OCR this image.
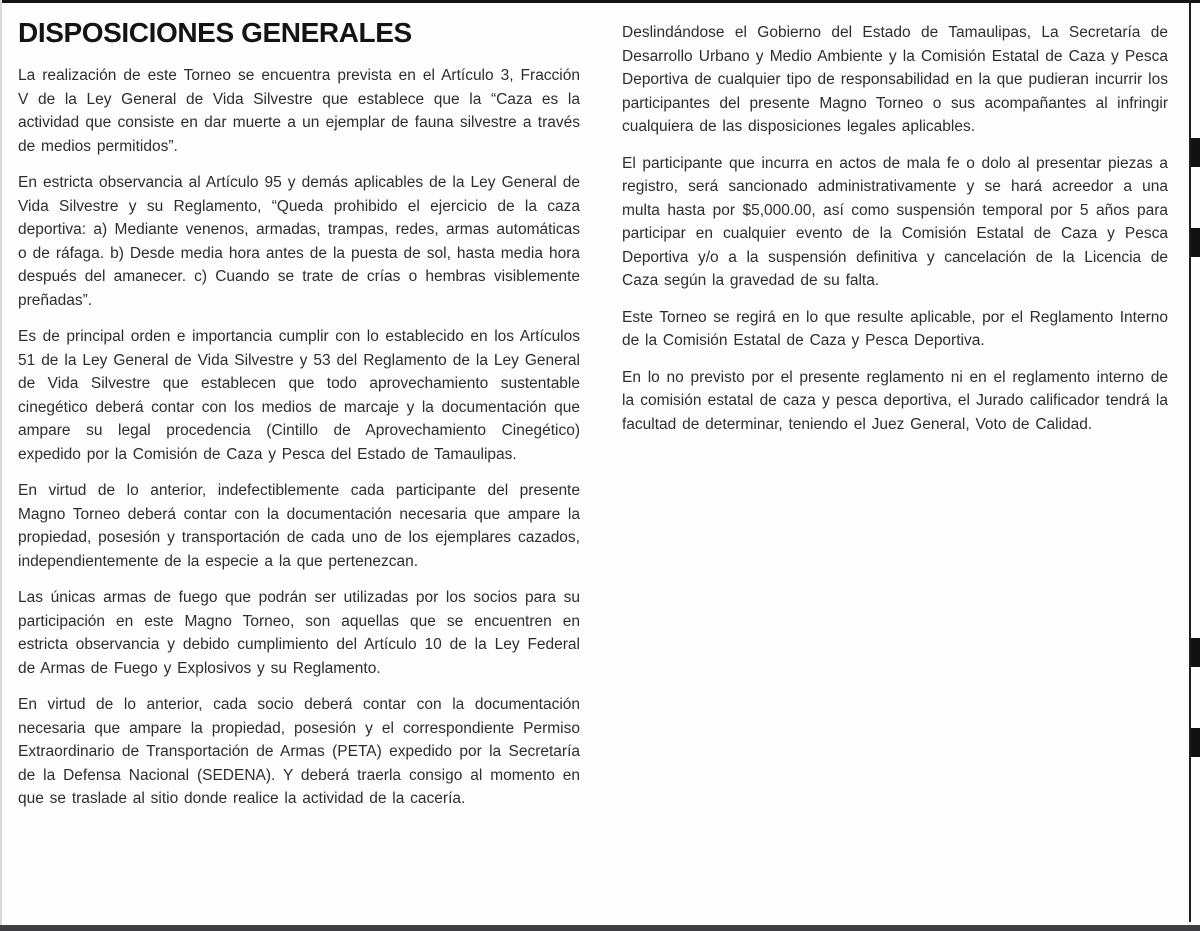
DISPOSICIONES GENERALES

La realización de este Torneo se encuentra prevista en el Artículo 3, Fracción V de la Ley General de Vida Silvestre que establece que la “Caza es la actividad que consiste en dar muerte a un ejemplar de fauna silvestre a través de medios permitidos”.

En estricta observancia al Artículo 95 y demás aplicables de la Ley General de Vida Silvestre y su Reglamento, “Queda prohibido el ejercicio de la caza deportiva: a) Mediante venenos, armadas, trampas, redes, armas automáticas o de ráfaga. b) Desde media hora antes de la puesta de sol, hasta media hora después del amanecer. c) Cuando se trate de crías o hembras visiblemente preñadas”.

Es de principal orden e importancia cumplir con lo establecido en los Artículos 51 de la Ley General de Vida Silvestre y 53 del Reglamento de la Ley General de Vida Silvestre que establecen que todo aprovechamiento sustentable cinegético deberá contar con los medios de marcaje y la documentación que ampare su legal procedencia (Cintillo de Aprovechamiento Cinegético) expedido por la Comisión de Caza y Pesca del Estado de Tamaulipas.

En virtud de lo anterior, indefectiblemente cada participante del presente Magno Torneo deberá contar con la documentación necesaria que ampare la propiedad, posesión y transportación de cada uno de los ejemplares cazados, independientemente de la especie a la que pertenezcan.

Las únicas armas de fuego que podrán ser utilizadas por los socios para su participación en este Magno Torneo, son aquellas que se encuentren en estricta observancia y debido cumplimiento del Artículo 10 de la Ley Federal de Armas de Fuego y Explosivos y su Reglamento.

En virtud de lo anterior, cada socio deberá contar con la documentación necesaria que ampare la propiedad, posesión y el correspondiente Permiso Extraordinario de Transportación de Armas (PETA) expedido por la Secretaría de la Defensa Nacional (SEDENA). Y deberá traerla consigo al momento en que se traslade al sitio donde realice la actividad de la cacería.

Deslindándose el Gobierno del Estado de Tamaulipas, La Secretaría de Desarrollo Urbano y Medio Ambiente y la Comisión Estatal de Caza y Pesca Deportiva de cualquier tipo de responsabilidad en la que pudieran incurrir los participantes del presente Magno Torneo o sus acompañantes al infringir cualquiera de las disposiciones legales aplicables.

El participante que incurra en actos de mala fe o dolo al presentar piezas a registro, será sancionado administrativamente y se hará acreedor a una multa hasta por $5,000.00, así como suspensión temporal por 5 años para participar en cualquier evento de la Comisión Estatal de Caza y Pesca Deportiva y/o a la suspensión definitiva y cancelación de la Licencia de Caza según la gravedad de su falta.

Este Torneo se regirá en lo que resulte aplicable, por el Reglamento Interno de la Comisión Estatal de Caza y Pesca Deportiva.

En lo no previsto por el presente reglamento ni en el reglamento interno de la comisión estatal de caza y pesca deportiva, el Jurado calificador tendrá la facultad de determinar, teniendo el Juez General, Voto de Calidad.
